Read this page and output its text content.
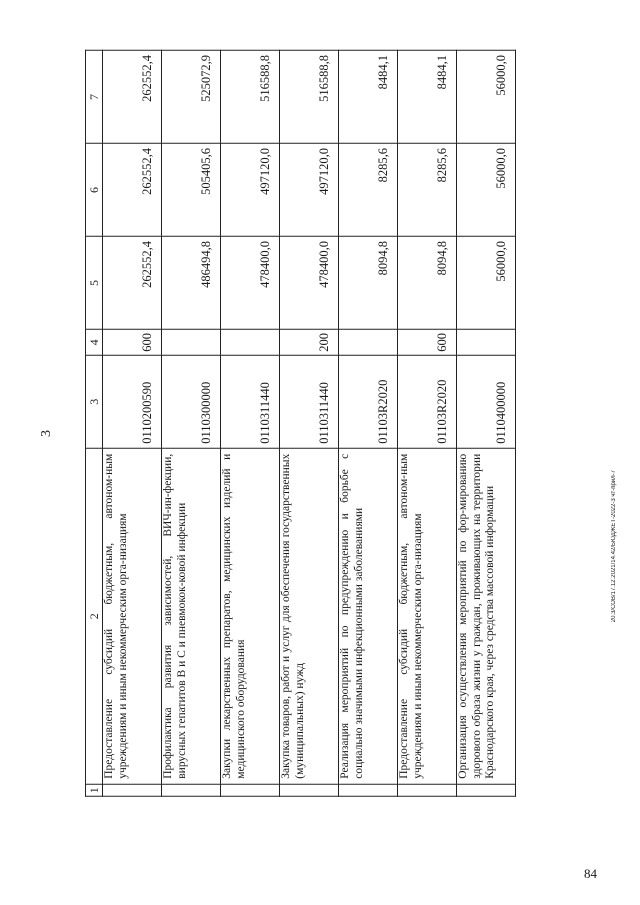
84
20.3/СОВ/17.12.2021/14.42/БЮДЖЕТ-2022-3 чт-прил-7
3
1	2	3	4	5	6	7
	Предоставление субсидий бюджетным, автоном-ным учреждениям и иным некоммерческим орга-низациям	0110200590	600	262552,4	262552,4	262552,4
	Профилактика развития зависимостей, ВИЧ-ин-фекции, вирусных гепатитов В и С и пневмокок-ковой инфекции	0110300000		486494,8	505405,6	525072,9
	Закупки лекарственных препаратов, медицинских изделий и медицинского оборудования	0110311440		478400,0	497120,0	516588,8
	Закупка товаров, работ и услуг для обеспечения государственных (муниципальных) нужд	0110311440	200	478400,0	497120,0	516588,8
	Реализация мероприятий по предупреждению и борьбе с социально значимыми инфекционными заболеваниями	01103R2020		8094,8	8285,6	8484,1
	Предоставление субсидий бюджетным, автоном-ным учреждениям и иным некоммерческим орга-низациям	01103R2020	600	8094,8	8285,6	8484,1
	Организация осуществления мероприятий по фор-мированию здорового образа жизни у граждан, проживающих на территории Краснодарского края, через средства массовой информации	0110400000		56000,0	56000,0	56000,0
